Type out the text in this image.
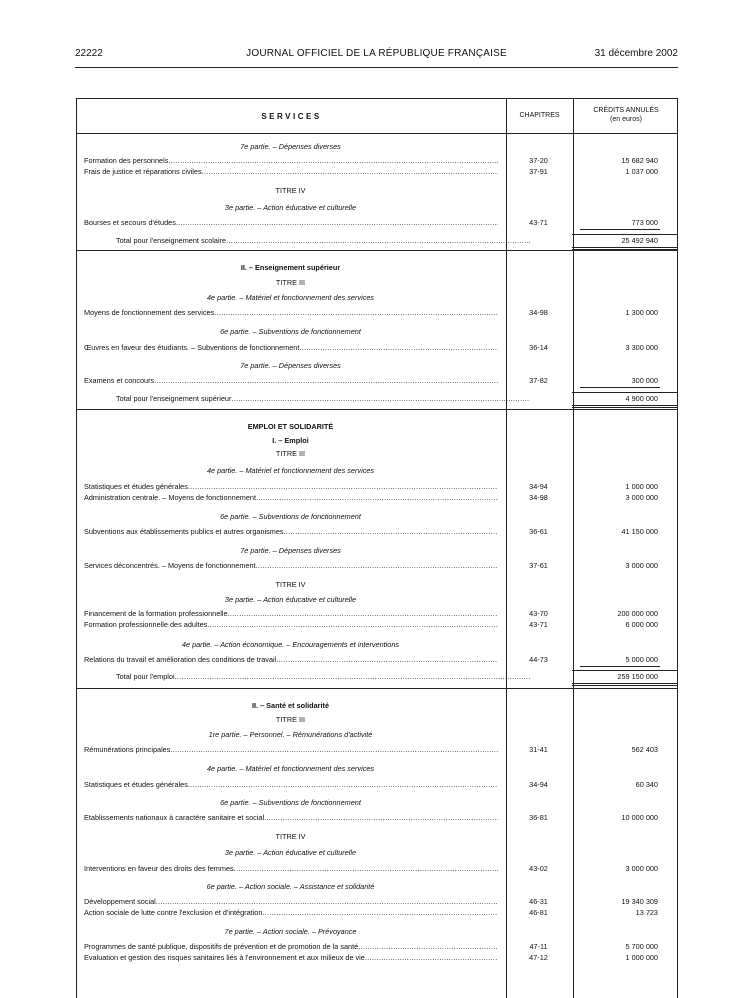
22222	JOURNAL OFFICIEL DE LA RÉPUBLIQUE FRANÇAISE	31 décembre 2002
SERVICES	CHAPITRES
CRÉDITS ANNULÉS
(en euros)
7e partie. – Dépenses diverses
Formation des personnels .....	37-20	15 682 940
Frais de justice et réparations civiles .....	37-91	1 037 000
TITRE IV
3e partie. – Action éducative et culturelle
Bourses et secours d'études .....	43-71	773 000
Total pour l'enseignement scolaire .....	25 492 940
II. – Enseignement supérieur
TITRE III
4e partie. – Matériel et fonctionnement des services
Moyens de fonctionnement des services .....	34-98	1 300 000
6e partie. – Subventions de fonctionnement
Œuvres en faveur des étudiants. – Subventions de fonctionnement .....	36-14	3 300 000
7e partie. – Dépenses diverses
Examens et concours .....	37-82	300 000
Total pour l'enseignement supérieur .....	4 900 000
EMPLOI ET SOLIDARITÉ
I. – Emploi
TITRE III
4e partie. – Matériel et fonctionnement des services
Statistiques et études générales .....	34-94	1 000 000
Administration centrale. – Moyens de fonctionnement .....	34-98	3 000 000
6e partie. – Subventions de fonctionnement
Subventions aux établissements publics et autres organismes .....	36-61	41 150 000
7e partie. – Dépenses diverses
Services déconcentrés. – Moyens de fonctionnement .....	37-61	3 000 000
TITRE IV
3e partie. – Action éducative et culturelle
Financement de la formation professionnelle .....	43-70	200 000 000
Formation professionnelle des adultes .....	43-71	6 000 000
4e partie. – Action économique. – Encouragements et interventions
Relations du travail et amélioration des conditions de travail .....	44-73	5 000 000
Total pour l'emploi .....	259 150 000
II. – Santé et solidarité
TITRE III
1re partie. – Personnel. – Rémunérations d'activité
Rémunérations principales .....	31-41	562 403
4e partie. – Matériel et fonctionnement des services
Statistiques et études générales .....	34-94	60 340
6e partie. – Subventions de fonctionnement
Etablissements nationaux à caractère sanitaire et social .....	36-81	10 000 000
TITRE IV
3e partie. – Action éducative et culturelle
Interventions en faveur des droits des femmes .....	43-02	3 000 000
6e partie. – Action sociale. – Assistance et solidarité
Développement social .....	46-31	19 340 309
Action sociale de lutte contre l'exclusion et d'intégration .....	46-81	13 723
7e partie. – Action sociale. – Prévoyance
Programmes de santé publique, dispositifs de prévention et de promotion de la santé .....	47-11	5 700 000
Evaluation et gestion des risques sanitaires liés à l'environnement et aux milieux de vie .....	47-12	1 000 000
